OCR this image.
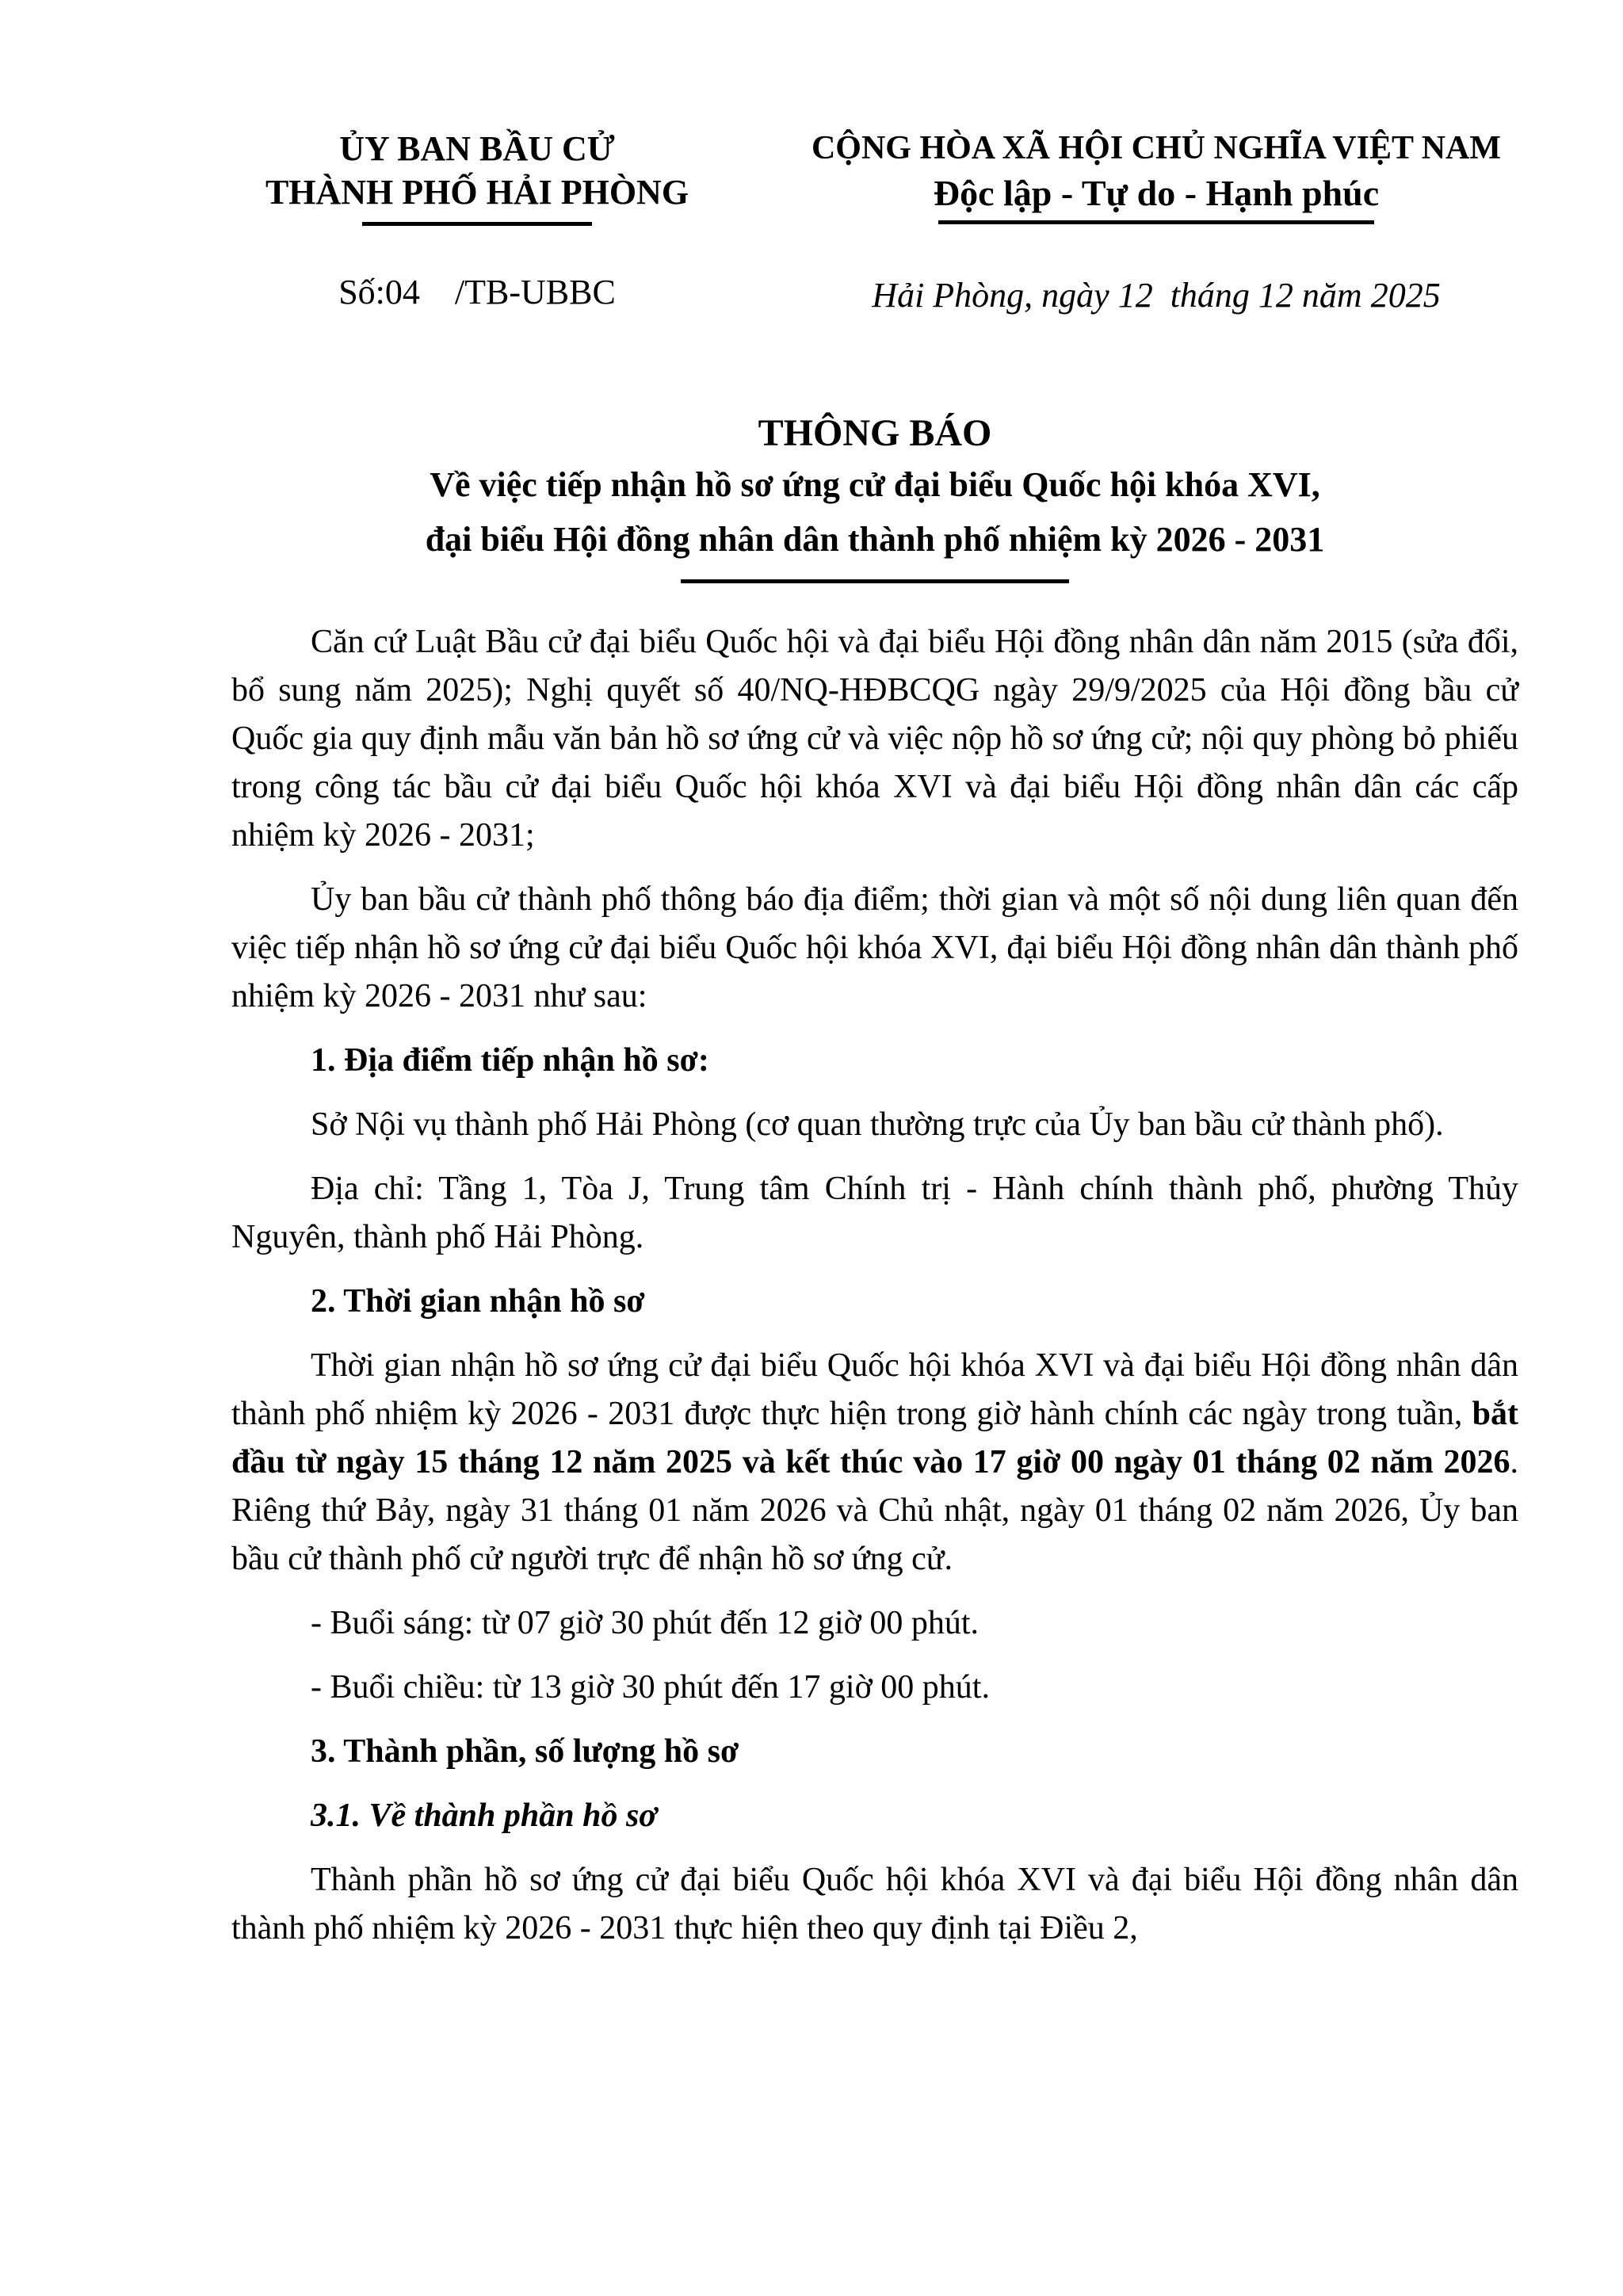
ỦY BAN BẦU CỬ
THÀNH PHỐ HẢI PHÒNG
Số:04    /TB-UBBC
CỘNG HÒA XÃ HỘI CHỦ NGHĨA VIỆT NAM
Độc lập - Tự do - Hạnh phúc
Hải Phòng, ngày 12  tháng 12 năm 2025
THÔNG BÁO
Về việc tiếp nhận hồ sơ ứng cử đại biểu Quốc hội khóa XVI,
đại biểu Hội đồng nhân dân thành phố nhiệm kỳ 2026 - 2031

Căn cứ Luật Bầu cử đại biểu Quốc hội và đại biểu Hội đồng nhân dân năm 2015 (sửa đổi, bổ sung năm 2025); Nghị quyết số 40/NQ-HĐBCQG ngày 29/9/2025 của Hội đồng bầu cử Quốc gia quy định mẫu văn bản hồ sơ ứng cử và việc nộp hồ sơ ứng cử; nội quy phòng bỏ phiếu trong công tác bầu cử đại biểu Quốc hội khóa XVI và đại biểu Hội đồng nhân dân các cấp nhiệm kỳ 2026 - 2031;

Ủy ban bầu cử thành phố thông báo địa điểm; thời gian và một số nội dung liên quan đến việc tiếp nhận hồ sơ ứng cử đại biểu Quốc hội khóa XVI, đại biểu Hội đồng nhân dân thành phố nhiệm kỳ 2026 - 2031 như sau:

1. Địa điểm tiếp nhận hồ sơ:

Sở Nội vụ thành phố Hải Phòng (cơ quan thường trực của Ủy ban bầu cử thành phố).

Địa chỉ: Tầng 1, Tòa J, Trung tâm Chính trị - Hành chính thành phố, phường Thủy Nguyên, thành phố Hải Phòng.

2. Thời gian nhận hồ sơ

Thời gian nhận hồ sơ ứng cử đại biểu Quốc hội khóa XVI và đại biểu Hội đồng nhân dân thành phố nhiệm kỳ 2026 - 2031 được thực hiện trong giờ hành chính các ngày trong tuần, bắt đầu từ ngày 15 tháng 12 năm 2025 và kết thúc vào 17 giờ 00 ngày 01 tháng 02 năm 2026. Riêng thứ Bảy, ngày 31 tháng 01 năm 2026 và Chủ nhật, ngày 01 tháng 02 năm 2026, Ủy ban bầu cử thành phố cử người trực để nhận hồ sơ ứng cử.

- Buổi sáng: từ 07 giờ 30 phút đến 12 giờ 00 phút.

- Buổi chiều: từ 13 giờ 30 phút đến 17 giờ 00 phút.

3. Thành phần, số lượng hồ sơ

3.1. Về thành phần hồ sơ

Thành phần hồ sơ ứng cử đại biểu Quốc hội khóa XVI và đại biểu Hội đồng nhân dân thành phố nhiệm kỳ 2026 - 2031 thực hiện theo quy định tại Điều 2,
